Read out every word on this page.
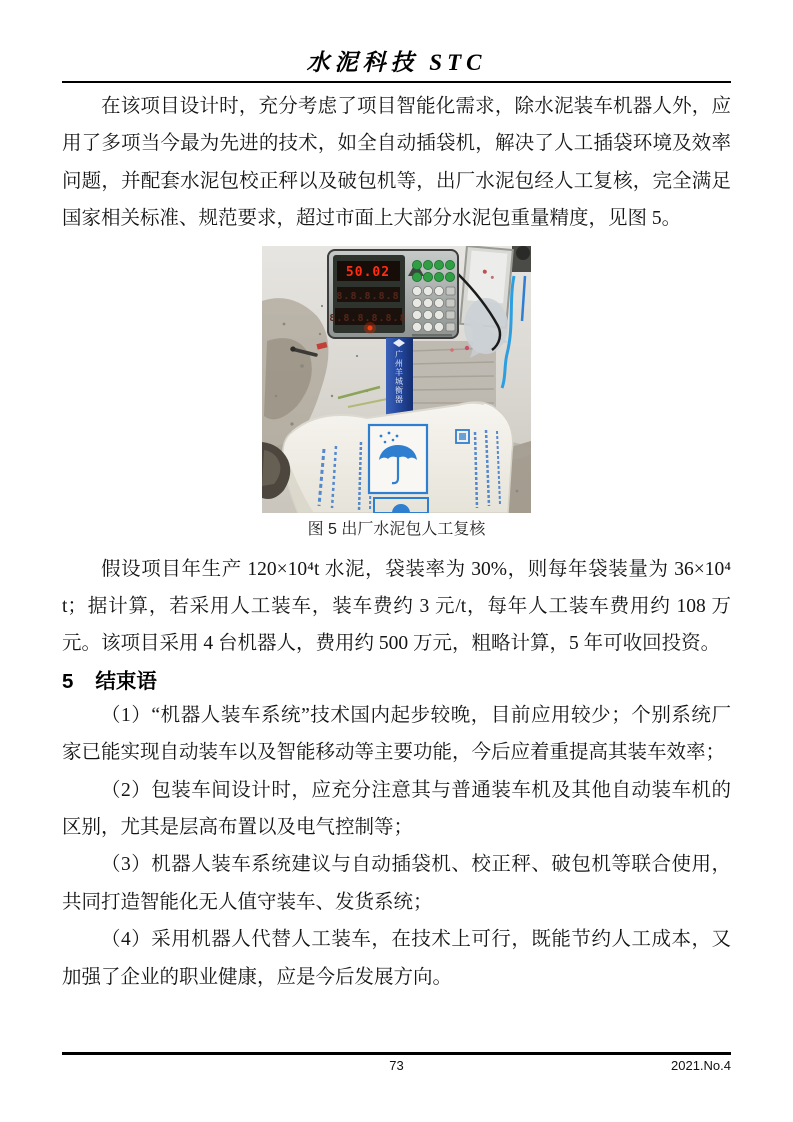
水泥科技 STC

在该项目设计时，充分考虑了项目智能化需求，除水泥装车机器人外，应用了多项当今最为先进的技术，如全自动插袋机，解决了人工插袋环境及效率问题，并配套水泥包校正秤以及破包机等，出厂水泥包经人工复核，完全满足国家相关标准、规范要求，超过市面上大部分水泥包重量精度，见图 5。

50.02
8.8.8.8.8
8.8.8.8.8.8
广州羊城衡器
图 5 出厂水泥包人工复核

假设项目年生产 120×10⁴t 水泥，袋装率为 30%，则每年袋装量为 36×10⁴t；据计算，若采用人工装车，装车费约 3 元/t，每年人工装车费用约 108 万元。该项目采用 4 台机器人，费用约 500 万元，粗略计算，5 年可收回投资。

5 结束语

（1）“机器人装车系统”技术国内起步较晚，目前应用较少；个别系统厂家已能实现自动装车以及智能移动等主要功能，今后应着重提高其装车效率；

（2）包装车间设计时，应充分注意其与普通装车机及其他自动装车机的区别，尤其是层高布置以及电气控制等；

（3）机器人装车系统建议与自动插袋机、校正秤、破包机等联合使用，共同打造智能化无人值守装车、发货系统；

（4）采用机器人代替人工装车，在技术上可行，既能节约人工成本，又加强了企业的职业健康，应是今后发展方向。

73	2021.No.4
